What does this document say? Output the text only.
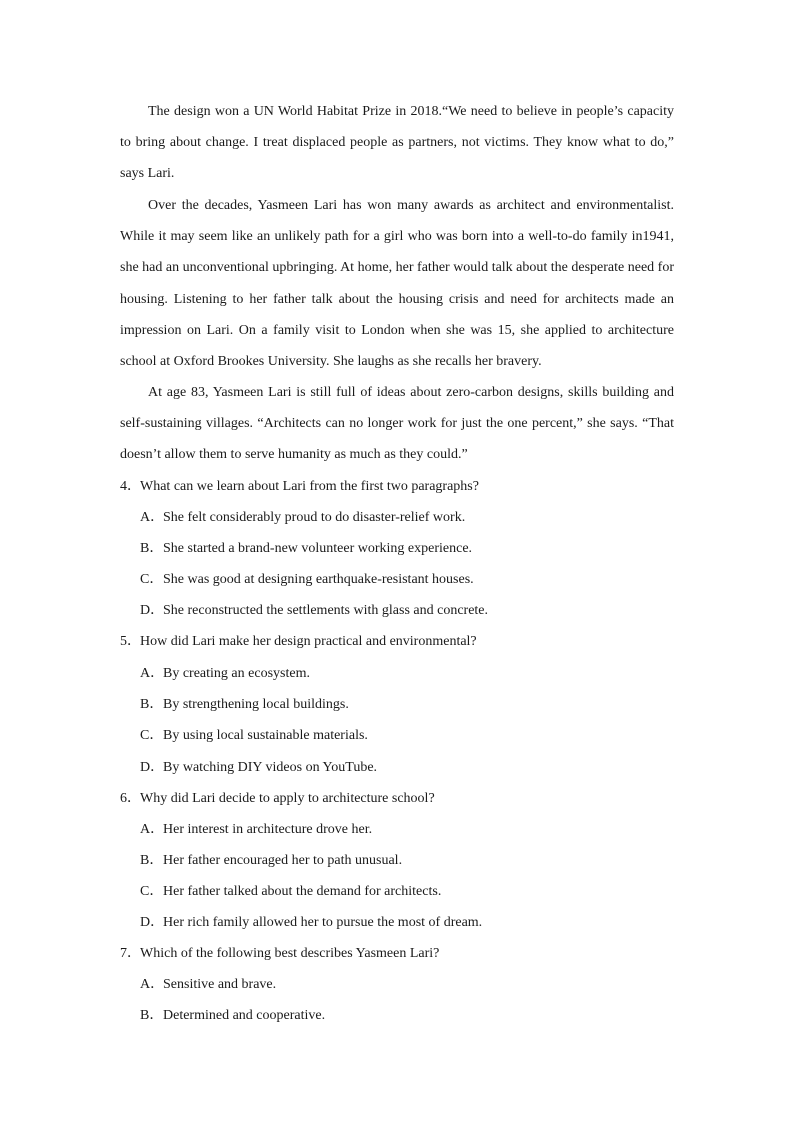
The design won a UN World Habitat Prize in 2018.“We need to believe in people’s capacity to bring about change. I treat displaced people as partners, not victims. They know what to do,” says Lari.

Over the decades, Yasmeen Lari has won many awards as architect and environmentalist. While it may seem like an unlikely path for a girl who was born into a well-to-do family in1941, she had an unconventional upbringing. At home, her father would talk about the desperate need for housing. Listening to her father talk about the housing crisis and need for architects made an impression on Lari. On a family visit to London when she was 15, she applied to architecture school at Oxford Brookes University. She laughs as she recalls her bravery.

At age 83, Yasmeen Lari is still full of ideas about zero-carbon designs, skills building and self-sustaining villages. “Architects can no longer work for just the one percent,” she says. “That doesn’t allow them to serve humanity as much as they could.”

4．What can we learn about Lari from the first two paragraphs?
A．She felt considerably proud to do disaster-relief work.
B．She started a brand-new volunteer working experience.
C．She was good at designing earthquake-resistant houses.
D．She reconstructed the settlements with glass and concrete.
5．How did Lari make her design practical and environmental?
A．By creating an ecosystem.
B．By strengthening local buildings.
C．By using local sustainable materials.
D．By watching DIY videos on YouTube.
6．Why did Lari decide to apply to architecture school?
A．Her interest in architecture drove her.
B．Her father encouraged her to path unusual.
C．Her father talked about the demand for architects.
D．Her rich family allowed her to pursue the most of dream.
7．Which of the following best describes Yasmeen Lari?
A．Sensitive and brave.
B．Determined and cooperative.
